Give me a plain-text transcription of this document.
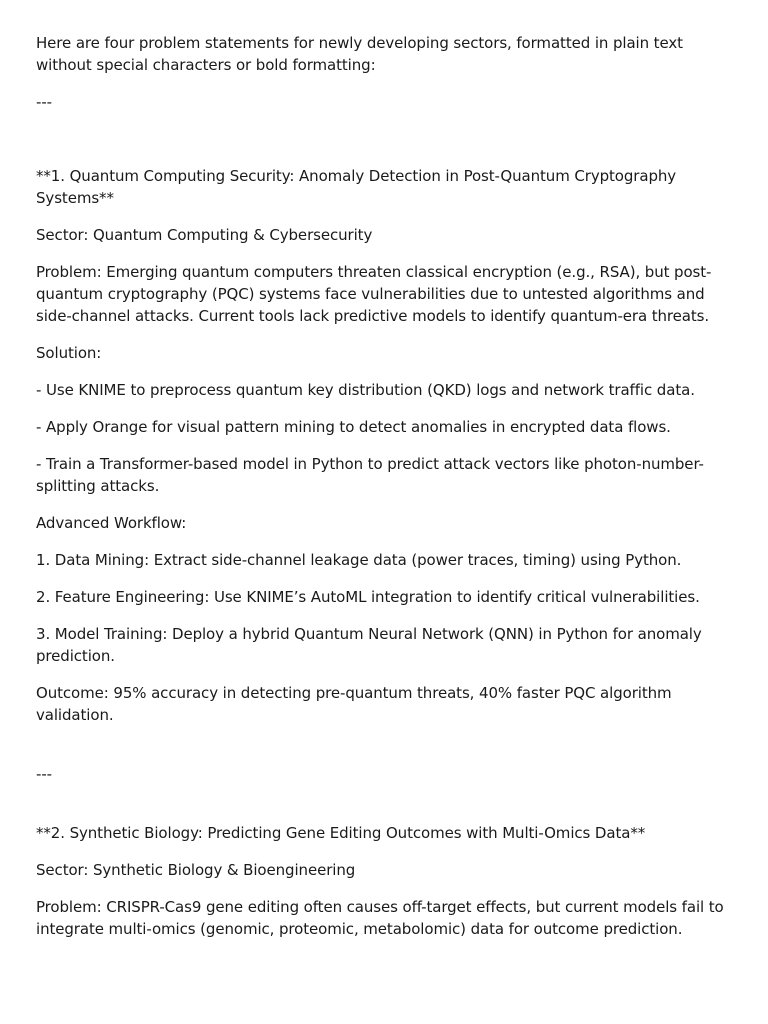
Here are four problem statements for newly developing sectors, formatted in plain text without special characters or bold formatting:

---

**1. Quantum Computing Security: Anomaly Detection in Post-Quantum Cryptography Systems**

Sector: Quantum Computing & Cybersecurity

Problem: Emerging quantum computers threaten classical encryption (e.g., RSA), but post-quantum cryptography (PQC) systems face vulnerabilities due to untested algorithms and side-channel attacks. Current tools lack predictive models to identify quantum-era threats.

Solution:

- Use KNIME to preprocess quantum key distribution (QKD) logs and network traffic data.

- Apply Orange for visual pattern mining to detect anomalies in encrypted data flows.

- Train a Transformer-based model in Python to predict attack vectors like photon-number-splitting attacks.

Advanced Workflow:

1. Data Mining: Extract side-channel leakage data (power traces, timing) using Python.

2. Feature Engineering: Use KNIME’s AutoML integration to identify critical vulnerabilities.

3. Model Training: Deploy a hybrid Quantum Neural Network (QNN) in Python for anomaly prediction.

Outcome: 95% accuracy in detecting pre-quantum threats, 40% faster PQC algorithm validation.

---

**2. Synthetic Biology: Predicting Gene Editing Outcomes with Multi-Omics Data**

Sector: Synthetic Biology & Bioengineering

Problem: CRISPR-Cas9 gene editing often causes off-target effects, but current models fail to integrate multi-omics (genomic, proteomic, metabolomic) data for outcome prediction.
